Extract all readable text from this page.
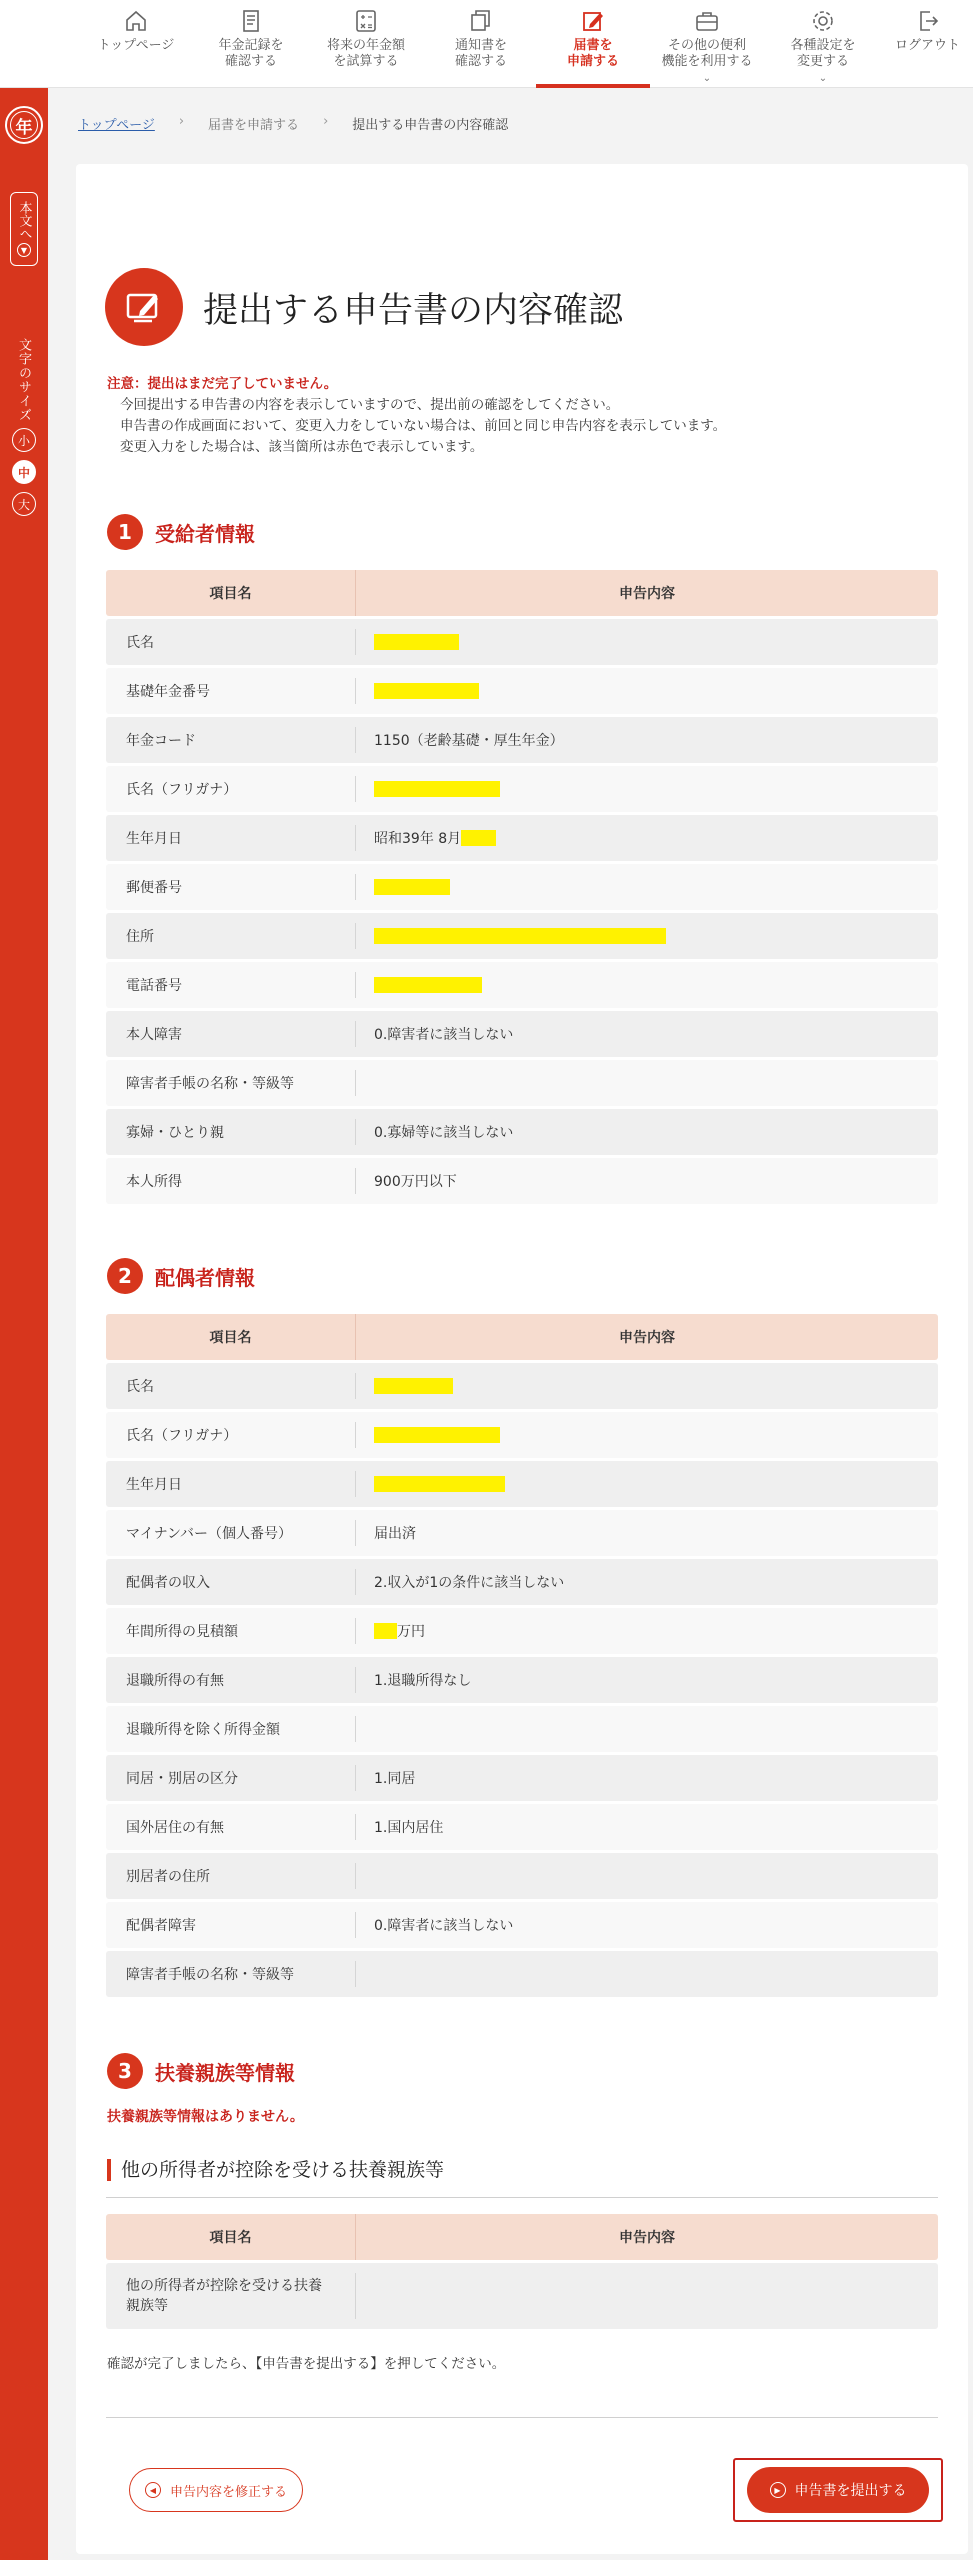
トップページ	年金記録を
確認する
将来の年金額
を試算する
通知書を
確認する
届書を
申請する
その他の便利
機能を利用する
⌄
各種設定を
変更する
⌄
ログアウト
年
本文へ
▼
文字のサイズ
小
中
大
トップページ › 届書を申請する › 提出する申告書の内容確認
提出する申告書の内容確認
注意：提出はまだ完了していません。

今回提出する申告書の内容を表示していますので、提出前の確認をしてください。

申告書の作成画面において、変更入力をしていない場合は、前回と同じ申告内容を表示しています。

変更入力をした場合は、該当箇所は赤色で表示しています。

1	受給者情報
項目名	申告内容
氏名
基礎年金番号
年金コード	1150（老齢基礎・厚生年金）
氏名（フリガナ）
生年月日	昭和39年 8月
郵便番号
住所
電話番号
本人障害	0.障害者に該当しない
障害者手帳の名称・等級等
寡婦・ひとり親	0.寡婦等に該当しない
本人所得	900万円以下
2	配偶者情報
項目名	申告内容
氏名
氏名（フリガナ）
生年月日
マイナンバー（個人番号）	届出済
配偶者の収入	2.収入が1の条件に該当しない
年間所得の見積額	万円
退職所得の有無	1.退職所得なし
退職所得を除く所得金額
同居・別居の区分	1.同居
国外居住の有無	1.国内居住
別居者の住所
配偶者障害	0.障害者に該当しない
障害者手帳の名称・等級等
3	扶養親族等情報
扶養親族等情報はありません。
他の所得者が控除を受ける扶養親族等
項目名	申告内容
他の所得者が控除を受ける扶養親族等
確認が完了しましたら、【申告書を提出する】を押してください。
◀	申告内容を修正する	▶ 申告書を提出する
